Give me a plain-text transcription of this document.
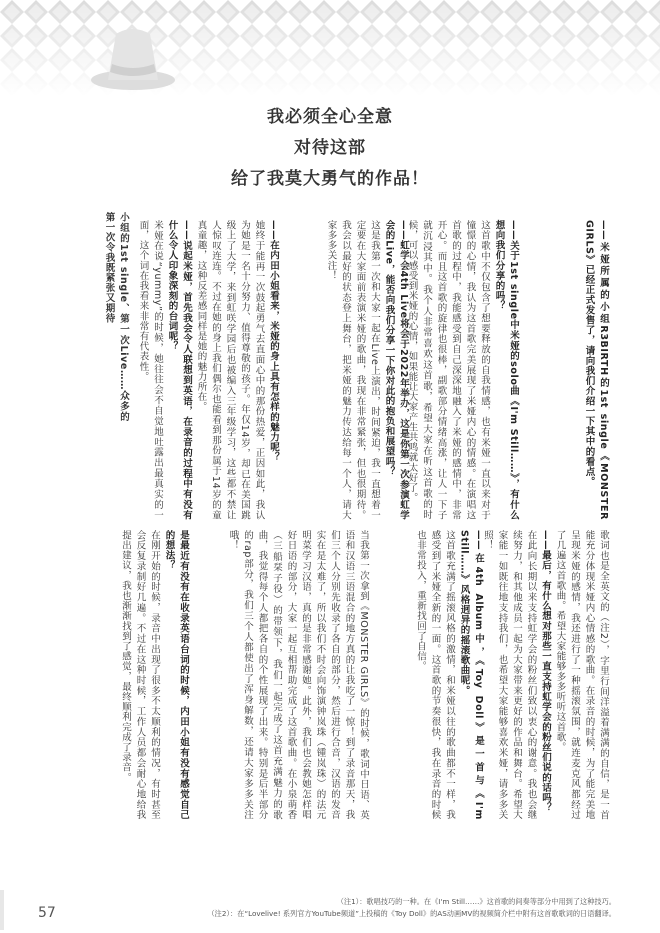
我必须全心全意
对待这部
给了我莫大勇气的作品！

——米娅所属的小组R3BIRTH的1st single《MONSTER GIRLS》已经正式发售了，请向我们介绍一下其中的看点。

——关于1st single中米娅的solo曲《I'm Still……》，有什么想向我们分享的吗？

这首歌中不仅包含了想要释放的自我情感，也有米娅一直以来对于憧憬的心情，我认为这首歌完美展现了米娅内心的情感。在演唱这首歌的过程中，我能感受到自己深深地融入了米娅的感情中，非常开心。而且这首歌的旋律也很棒，副歌部分情绪高涨，让人一下子就沉浸其中。我个人非常喜欢这首歌，希望大家在听这首歌的时候，可以感受到米娅的心情，如果能让大家产生共鸣就太好了。

——虹学会4th Live将会于2022年举办，这是你第一次参演虹学会的Live，能否向我们分享一下你对此的抱负和展望吗？

这是我第一次和大家一起在Live上演出，时间紧迫，我一直想着一定要在大家面前表演米娅的歌曲，我现在非常紧张，但也很期待。我会以最好的状态登上舞台，把米娅的魅力传达给每一个人，请大家多多关注！

歌词也是全英文的（注2），字里行间洋溢着满满的自信，是一首能充分体现米娅内心情感的歌曲。在录音的时候，为了能完美地呈现米娅的感情，我还进行了一种摇滚氛围，就连麦克风都经过了几遍这首歌曲。希望大家能够多多听听这首歌。

——最后，有什么想对那些一直支持虹学会的粉丝们说的话吗？

在此向长期以来支持虹学会的粉丝们致以衷心的谢意。我也会继续努力，和其他成员一起为大家带来更好的作品和舞台。希望大家能一如既往地支持我们，也希望大家能够喜欢米娅，请多多关照！

——在4th Album中，《Toy Doll》是一首与《I'm Still……》风格迥异的摇滚歌曲呢。

这首歌充满了摇滚风格的激情，和米娅以往的歌曲都不一样，我感受到了米娅全新的一面。这首歌的节奏很快，我在录音的时候也非常投入，重新找回了自信。

当我第一次拿到《MONSTER GIRLS》的时候，歌词中日语、英语和汉语三语混合的地方真的让我吃了一惊！到了录音那天，我们三个人分别先收录了各自的部分，然后进行合音，汉语的发音实在是太难了，所以我们不时会向饰演钟岚珠（锺岚珠）的法元明菜学习汉语，真的是非常感谢她。此外，我们也会教她怎样唱好日语的部分，大家一起互相帮助完成了这首歌曲。在小泉萌香（三船栞子役）的带领下，我们一起完成了这首充满魅力的歌曲，我觉得每个人都把各自的个性展现了出来。特别是后半部分的rap部分，我们三个人都使出了浑身解数，还请大家多多关注哦！

——在内田小姐看来，米娅的身上具有怎样的魅力呢？

她终于能再一次鼓起勇气去直面心中的那份热爱，正因如此，我认为她是一名十分努力、值得尊敬的孩子。年仅14岁，却已在美国跳级上了大学，来到虹咲学园后也被编入三年级学习，这些都不禁让人惊叹连连。不过在她的身上我们偶尔也能看到那份属于14岁的童真童趣，这种反差感同样是她的魅力所在。

——说起米娅，首先我会令人联想到英语，在录音的过程中有没有什么令人印象深刻的台词呢？

米娅在说“yummy”的时候，她往往会不自觉地吐露出最真实的一面，这个词在我看来非常有代表性。

是最近有没有在收录英语台词的时候，内田小姐有没有感觉自己的想法？

在刚开始的时候，录音中出现了很多不太顺利的情况，有时甚至会反复录制好几遍。不过在这种时候，工作人员都会耐心地给我提出建议，我也渐渐找到了感觉，最终顺利完成了录音。

小组的1st single、第一次Live……众多的第一次令我既紧张又期待

57
（注1）：歌唱技巧的一种。在《I'm Still……》这首歌的间奏等部分中用到了这种技巧。
（注2）：在“Lovelive! 系列官方YouTube频道”上投稿的《Toy Doll》的AS动画MV的视频简介栏中附有这首歌歌词的日语翻译。
